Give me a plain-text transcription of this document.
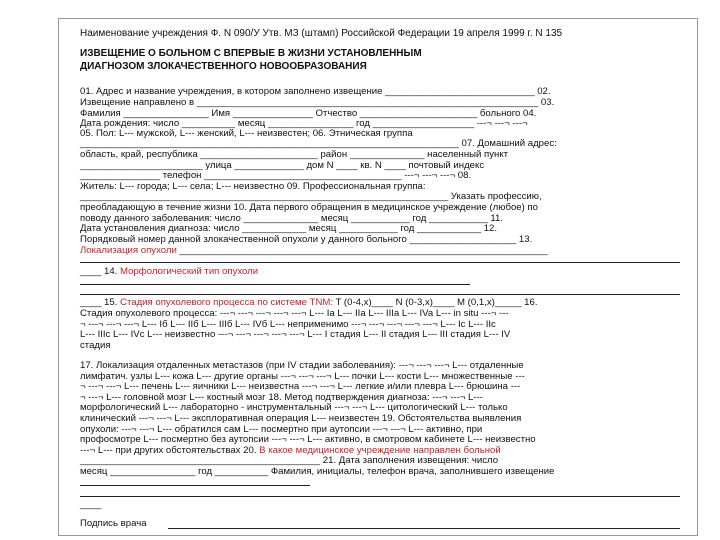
Наименование учреждения Ф. N 090/У Утв. МЗ (штамп) Российской Федерации 19 апреля 1999 г. N 135
ИЗВЕЩЕНИЕ О БОЛЬНОМ С ВПЕРВЫЕ В ЖИЗНИ УСТАНОВЛЕННЫМ
ДИАГНОЗОМ ЗЛОКАЧЕСТВЕННОГО НОВООБРАЗОВАНИЯ
01. Адрес и название учреждения, в котором заполнено извещение ____________________________ 02.
Извещение направлено в ________________________________________________________________ 03.
Фамилия ________________ Имя _______________ Отчество ______________________ больного 04.
Дата рождения: число __________ месяц ________________ год ___________________ ---¬ ---¬ ---¬
05. Пол: L--- мужской, L--- женский, L--- неизвестен; 06. Этническая группа
_______________________________________________________________________ 07. Домашний адрес:
область, край, республика ______________________ район ______________ населенный пункт
_______________________ улица _____________ дом N ____ кв. N ____ почтовый индекс
_______________ телефон _____________________________________ ---¬ ---¬ ---¬ 08.
Житель: L--- города; L--- села; L--- неизвестно 09. Профессиональная группа:
_____________________________________________________________________ Указать профессию,
преобладающую в течение жизни 10. Дата первого обращения в медицинское учреждение (любое) по
поводу данного заболевания: число ______________ месяц ___________ год ___________ 11.
Дата установления диагноза: число ____________ месяц ___________ год ____________ 12.
Порядковый номер данной злокачественной опухоли у данного больного ____________________ 13.
Локализация опухоли _____________________________________________________________________
____ 14. Морфологический тип опухоли
____ 15. Стадия опухолевого процесса по системе TNM: T (0-4,x)____ N (0-3,x)____ M (0,1,x)_____ 16.
Стадия опухолевого процесса: ---¬ ---¬ ---¬ ---¬ ---¬ L--- Ia L--- IIa L--- IIIa L--- IVa L--- in situ ---¬ ---
¬ ---¬ ---¬ ---¬ L--- Iб L--- IIб L--- IIIб L--- IVб L--- неприменимо ---¬ ---¬ ---¬ ---¬ ---¬ L--- Ic L--- IIc
L--- IIIc L--- IVc L--- неизвестно ---¬ ---¬ ---¬ ---¬ ---¬ L--- I стадия L--- II стадия L--- III стадия L--- IV
стадия
17. Локализация отдаленных метастазов (при IV стадии заболевания): ---¬ ---¬ ---¬ L--- отдаленные
лимфатич. узлы L--- кожа L--- другие органы ---¬ ---¬ ---¬ L--- почки L--- кости L--- множественные ---
¬ ---¬ ---¬ L--- печень L--- яичники L--- неизвестна ---¬ ---¬ L--- легкие и/или плевра L--- брюшина ---
¬ ---¬ L--- головной мозг L--- костный мозг 18. Метод подтверждения диагноза: ---¬ ---¬ L---
морфологический L--- лабораторно - инструментальный ---¬ ---¬ L--- цитологический L--- только
клинический ---¬ ---¬ L--- эксплоративная операция L--- неизвестен 19. Обстоятельства выявления
опухоли: ---¬ ---¬ L--- обратился сам L--- посмертно при аутопсии ---¬ ---¬ L--- активно, при
профосмотре L--- посмертно без аутопсии ---¬ ---¬ L--- активно, в смотровом кабинете L--- неизвестно
---¬ L--- при других обстоятельствах 20. В какое медицинское учреждение направлен больной
_____________________________________________ 21. Дата заполнения извещения: число
месяц ________________ год __________ Фамилия, инициалы, телефон врача, заполнившего извещение
____
Подпись врача
